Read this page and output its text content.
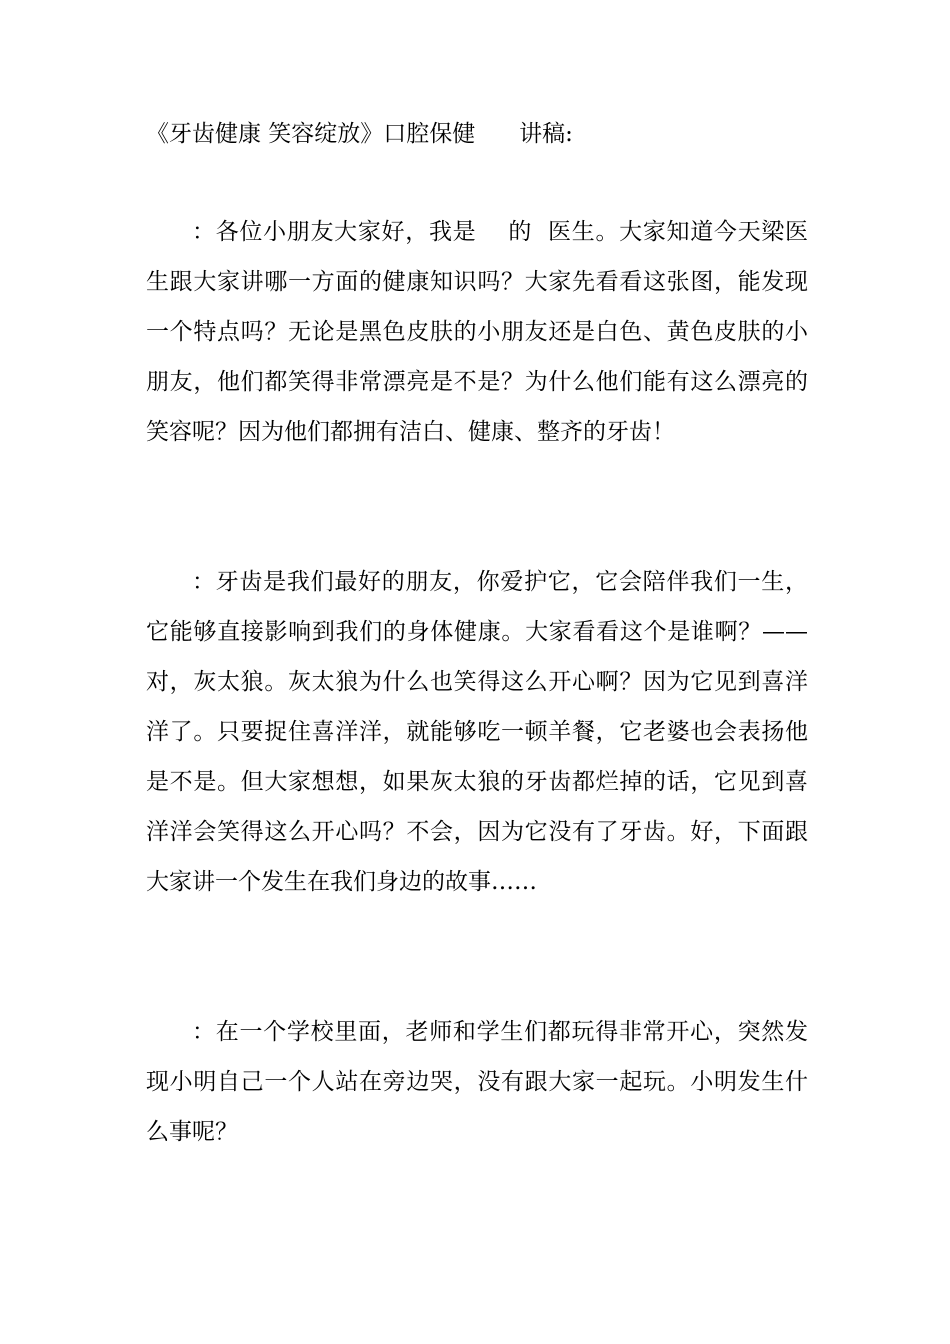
《牙齿健康 笑容绽放》口腔保健      讲稿:
：各位小朋友大家好，我是    的  医生。大家知道今天梁医生跟大家讲哪一方面的健康知识吗？大家先看看这张图，能发现一个特点吗？无论是黑色皮肤的小朋友还是白色、黄色皮肤的小朋友，他们都笑得非常漂亮是不是？为什么他们能有这么漂亮的笑容呢？因为他们都拥有洁白、健康、整齐的牙齿！
：牙齿是我们最好的朋友，你爱护它，它会陪伴我们一生，它能够直接影响到我们的身体健康。大家看看这个是谁啊？——对，灰太狼。灰太狼为什么也笑得这么开心啊？因为它见到喜洋洋了。只要捉住喜洋洋，就能够吃一顿羊餐，它老婆也会表扬他是不是。但大家想想，如果灰太狼的牙齿都烂掉的话，它见到喜洋洋会笑得这么开心吗？不会，因为它没有了牙齿。好，下面跟大家讲一个发生在我们身边的故事……
：在一个学校里面，老师和学生们都玩得非常开心，突然发现小明自己一个人站在旁边哭，没有跟大家一起玩。小明发生什么事呢？
